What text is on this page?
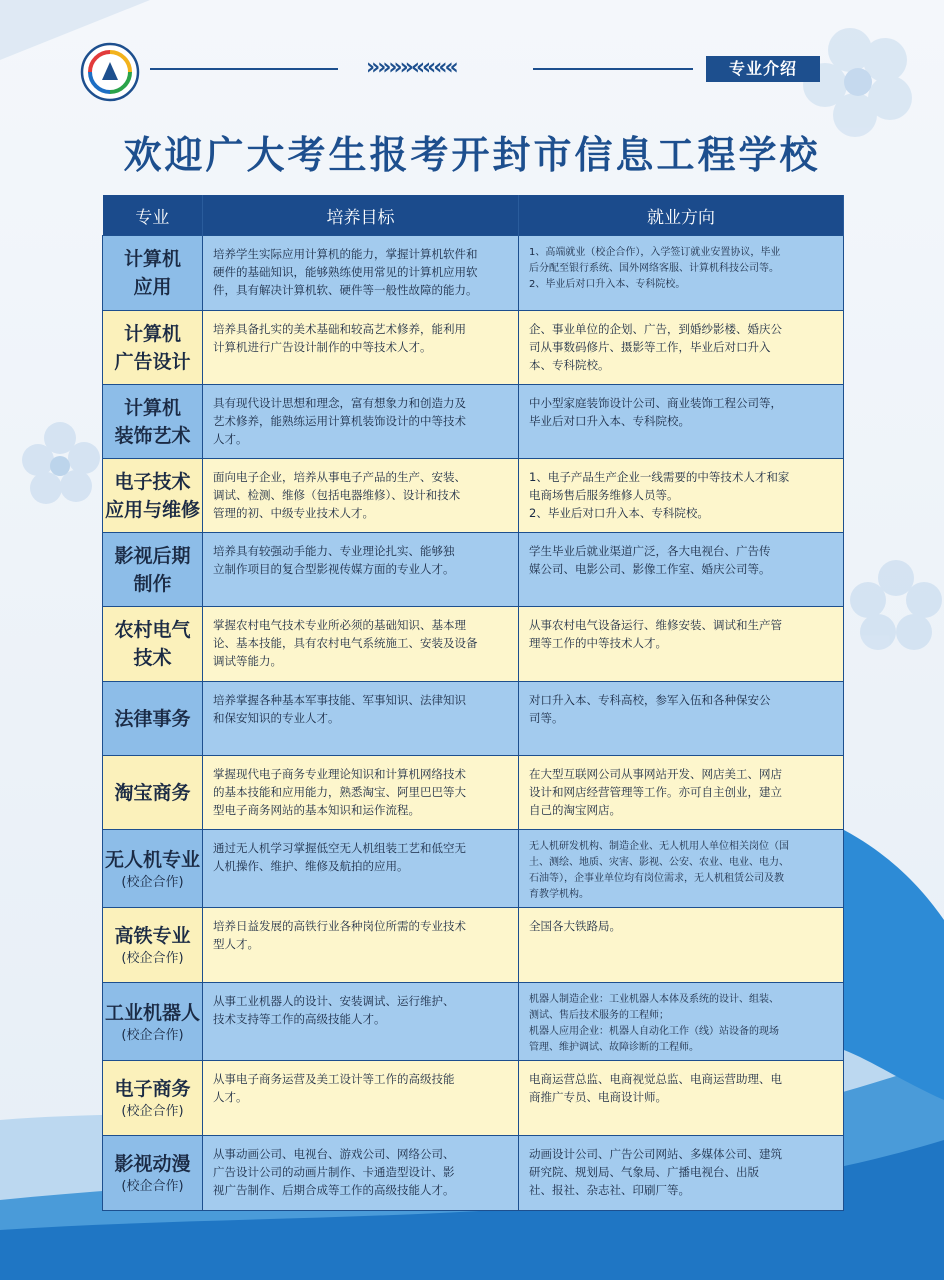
»»»»««««	专业介绍
欢迎广大考生报考开封市信息工程学校
专业	培养目标	就业方向

计算机
应用	培养学生实际应用计算机的能力，掌握计算机软件和
硬件的基础知识，能够熟练使用常见的计算机应用软
件，具有解决计算机软、硬件等一般性故障的能力。	1、高端就业（校企合作），入学签订就业安置协议，毕业
后分配至银行系统、国外网络客服、计算机科技公司等。
2、毕业后对口升入本、专科院校。

计算机
广告设计	培养具备扎实的美术基础和较高艺术修养，能利用
计算机进行广告设计制作的中等技术人才。	企、事业单位的企划、广告，到婚纱影楼、婚庆公
司从事数码修片、摄影等工作，毕业后对口升入
本、专科院校。

计算机
装饰艺术	具有现代设计思想和理念，富有想象力和创造力及
艺术修养，能熟练运用计算机装饰设计的中等技术
人才。	中小型家庭装饰设计公司、商业装饰工程公司等，
毕业后对口升入本、专科院校。

电子技术
应用与维修	面向电子企业，培养从事电子产品的生产、安装、
调试、检测、维修（包括电器维修）、设计和技术
管理的初、中级专业技术人才。	1、电子产品生产企业一线需要的中等技术人才和家
电商场售后服务维修人员等。
2、毕业后对口升入本、专科院校。

影视后期
制作	培养具有较强动手能力、专业理论扎实、能够独
立制作项目的复合型影视传媒方面的专业人才。	学生毕业后就业渠道广泛，各大电视台、广告传
媒公司、电影公司、影像工作室、婚庆公司等。

农村电气
技术	掌握农村电气技术专业所必须的基础知识、基本理
论、基本技能，具有农村电气系统施工、安装及设备
调试等能力。	从事农村电气设备运行、维修安装、调试和生产管
理等工作的中等技术人才。

法律事务	培养掌握各种基本军事技能、军事知识、法律知识
和保安知识的专业人才。	对口升入本、专科高校，参军入伍和各种保安公
司等。

淘宝商务	掌握现代电子商务专业理论知识和计算机网络技术
的基本技能和应用能力，熟悉淘宝、阿里巴巴等大
型电子商务网站的基本知识和运作流程。	在大型互联网公司从事网站开发、网店美工、网店
设计和网店经营管理等工作。亦可自主创业，建立
自己的淘宝网店。

无人机专业
(校企合作)	通过无人机学习掌握低空无人机组装工艺和低空无
人机操作、维护、维修及航拍的应用。	无人机研发机构、制造企业、无人机用人单位相关岗位（国
土、测绘、地质、灾害、影视、公安、农业、电业、电力、
石油等），企事业单位均有岗位需求，无人机租赁公司及教
育教学机构。

高铁专业
(校企合作)	培养日益发展的高铁行业各种岗位所需的专业技术
型人才。	全国各大铁路局。

工业机器人
(校企合作)	从事工业机器人的设计、安装调试、运行维护、
技术支持等工作的高级技能人才。	机器人制造企业：工业机器人本体及系统的设计、组装、
测试、售后技术服务的工程师；
机器人应用企业：机器人自动化工作（线）站设备的现场
管理、维护调试、故障诊断的工程师。

电子商务
(校企合作)	从事电子商务运营及美工设计等工作的高级技能
人才。	电商运营总监、电商视觉总监、电商运营助理、电
商推广专员、电商设计师。

影视动漫
(校企合作)	从事动画公司、电视台、游戏公司、网络公司、
广告设计公司的动画片制作、卡通造型设计、影
视广告制作、后期合成等工作的高级技能人才。	动画设计公司、广告公司网站、多媒体公司、建筑
研究院、规划局、气象局、广播电视台、出版
社、报社、杂志社、印刷厂等。
